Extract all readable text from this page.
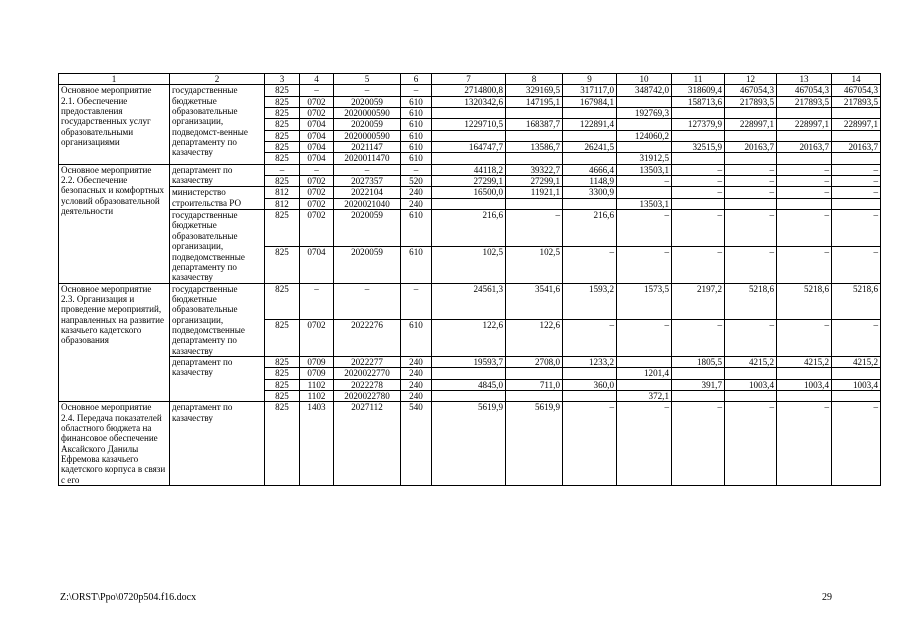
1	2	3	4	5	6	7	8	9	10	11	12	13	14
Основное мероприятие 2.1. Обеспечение предоставления государственных услуг образовательными организациями	государственные бюджетные образовательные организации, подведомст-венные департаменту по казачеству	825	–	–	–	2714800,8	329169,5	317117,0	348742,0	318609,4	467054,3	467054,3	467054,3
		825	0702	2020059	610	1320342,6	147195,1	167984,1		158713,6	217893,5	217893,5	217893,5
		825	0702	2020000590	610				192769,3				
		825	0704	2020059	610	1229710,5	168387,7	122891,4		127379,9	228997,1	228997,1	228997,1
		825	0704	2020000590	610				124060,2				
		825	0704	2021147	610	164747,7	13586,7	26241,5		32515,9	20163,7	20163,7	20163,7
		825	0704	2020011470	610				31912,5				
Основное мероприятие 2.2. Обеспечение безопасных и комфортных условий образовательной деятельности	департамент по казачеству	–	–	–	–	44118,2	39322,7	4666,4	13503,1	–	–	–	–
		825	0702	2027357	520	27299,1	27299,1	1148,9	–	–	–	–	–
	министерство строительства РО	812	0702	2022104	240	16500,0	11921,1	3300,9		–	–	–	–
		812	0702	2020021040	240				13503,1				
	государственные бюджетные образовательные организации, подведомственные департаменту по казачеству	825	0702	2020059	610	216,6	–	216,6	–	–	–	–	–
		825	0704	2020059	610	102,5	102,5	–	–	–	–	–	–
Основное мероприятие 2.3. Организация и проведение мероприятий, направленных на развитие казачьего кадетского образования	государственные бюджетные образовательные организации, подведомственные департаменту по казачеству	825	–	–	–	24561,3	3541,6	1593,2	1573,5	2197,2	5218,6	5218,6	5218,6
		825	0702	2022276	610	122,6	122,6	–	–	–	–	–	–
	департамент по казачеству	825	0709	2022277	240	19593,7	2708,0	1233,2		1805,5	4215,2	4215,2	4215,2
		825	0709	2020022770	240				1201,4				
		825	1102	2022278	240	4845,0	711,0	360,0		391,7	1003,4	1003,4	1003,4
		825	1102	2020022780	240				372,1				
Основное мероприятие 2.4. Передача показателей областного бюджета на финансовое обеспечение Аксайского Данилы Ефремова казачьего кадетского корпуса в связи с его	департамент по казачеству	825	1403	2027112	540	5619,9	5619,9	–	–	–	–	–	–
Z:\ORST\Ppo\0720p504.f16.docx	29
